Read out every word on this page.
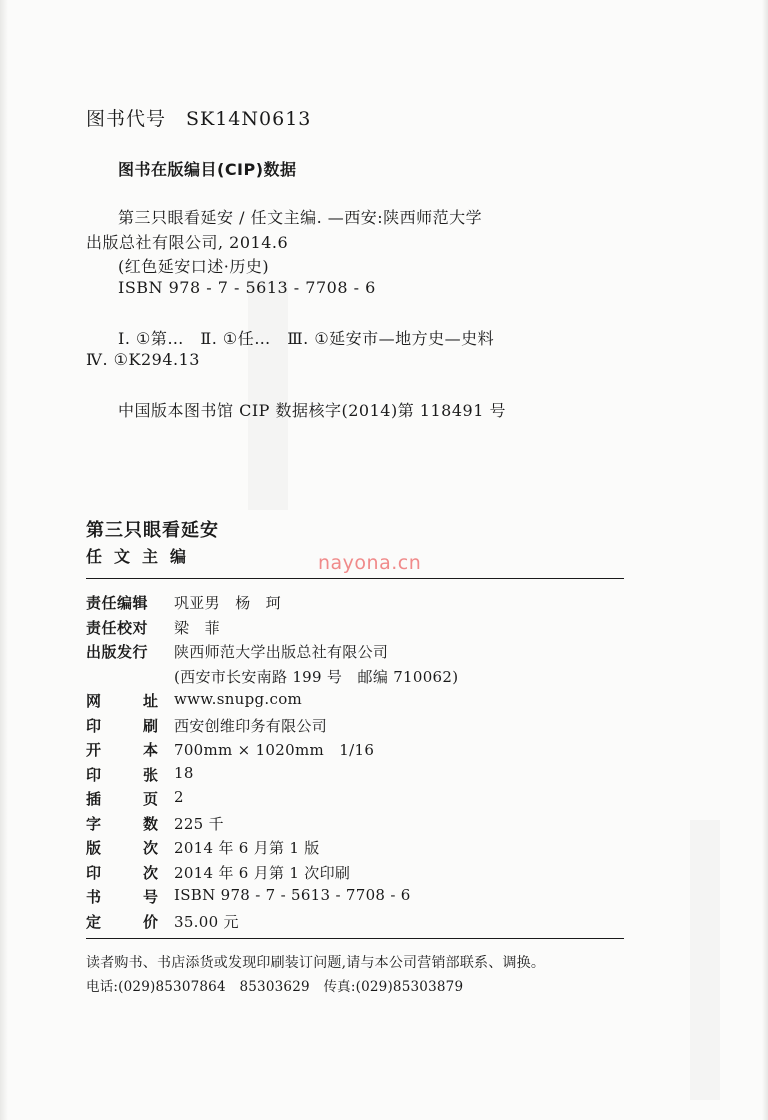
图书代号　SK14N0613
图书在版编目(CIP)数据
第三只眼看延安 / 任文主编. —西安:陕西师范大学
出版总社有限公司, 2014.6
(红色延安口述·历史)
ISBN 978 - 7 - 5613 - 7708 - 6
Ⅰ. ①第…　Ⅱ. ①任…　Ⅲ. ①延安市—地方史—史料
Ⅳ. ①K294.13
中国版本图书馆 CIP 数据核字(2014)第 118491 号
第三只眼看延安
任文主编	nayona.cn
责任编辑 巩亚男　杨　珂
责任校对 梁　菲
出版发行 陕西师范大学出版总社有限公司
(西安市长安南路 199 号　邮编 710062)
网	址 www.snupg.com
印	刷 西安创维印务有限公司
开	本 700mm × 1020mm　1/16
印	张 18
插	页 2
字	数 225 千
版	次 2014 年 6 月第 1 版
印	次 2014 年 6 月第 1 次印刷
书	号 ISBN 978 - 7 - 5613 - 7708 - 6
定	价 35.00 元
读者购书、书店添货或发现印刷装订问题,请与本公司营销部联系、调换。
电话:(029)85307864　85303629　传真:(029)85303879
